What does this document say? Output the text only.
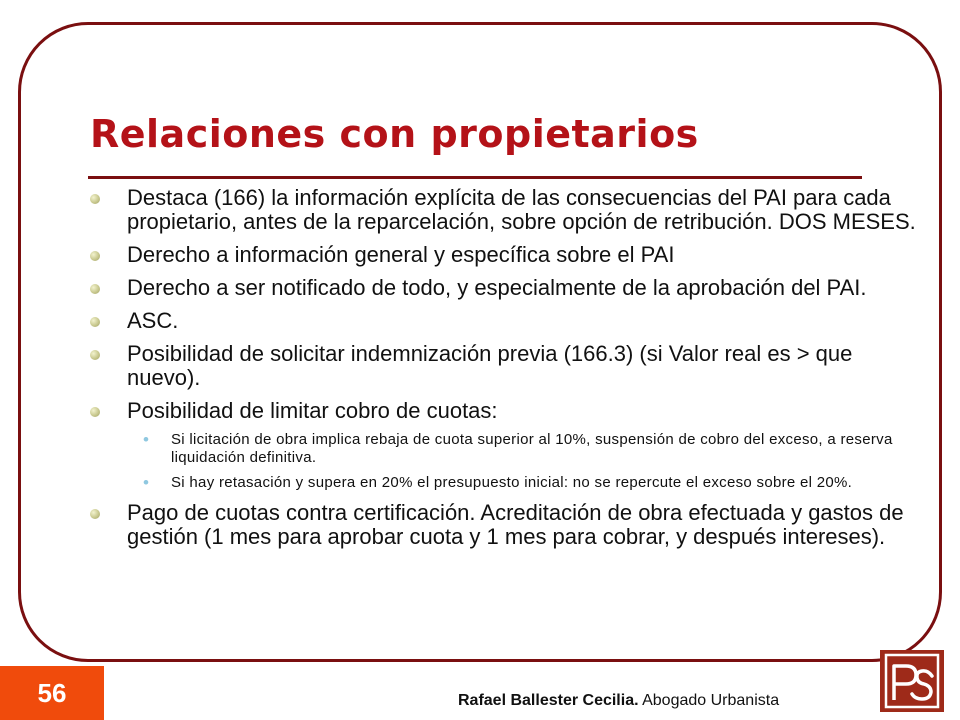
Relaciones con propietarios
Destaca (166) la información explícita de las consecuencias del PAI para cada propietario, antes de la reparcelación, sobre opción de retribución. DOS MESES.
Derecho a información general y específica sobre el PAI
Derecho a ser notificado de todo, y especialmente de la aprobación del PAI.
ASC.
Posibilidad de solicitar indemnización previa (166.3) (si Valor real es > que nuevo).
Posibilidad de limitar cobro de cuotas:
• Si licitación de obra implica rebaja de cuota superior al 10%, suspensión de cobro del exceso, a reserva liquidación definitiva.
• Si hay retasación y supera en 20% el presupuesto inicial: no se repercute el exceso sobre el 20%.
Pago de cuotas contra certificación. Acreditación de obra efectuada y gastos de gestión (1 mes para aprobar cuota y 1 mes para cobrar, y después intereses).
56	Rafael Ballester Cecilia. Abogado Urbanista
